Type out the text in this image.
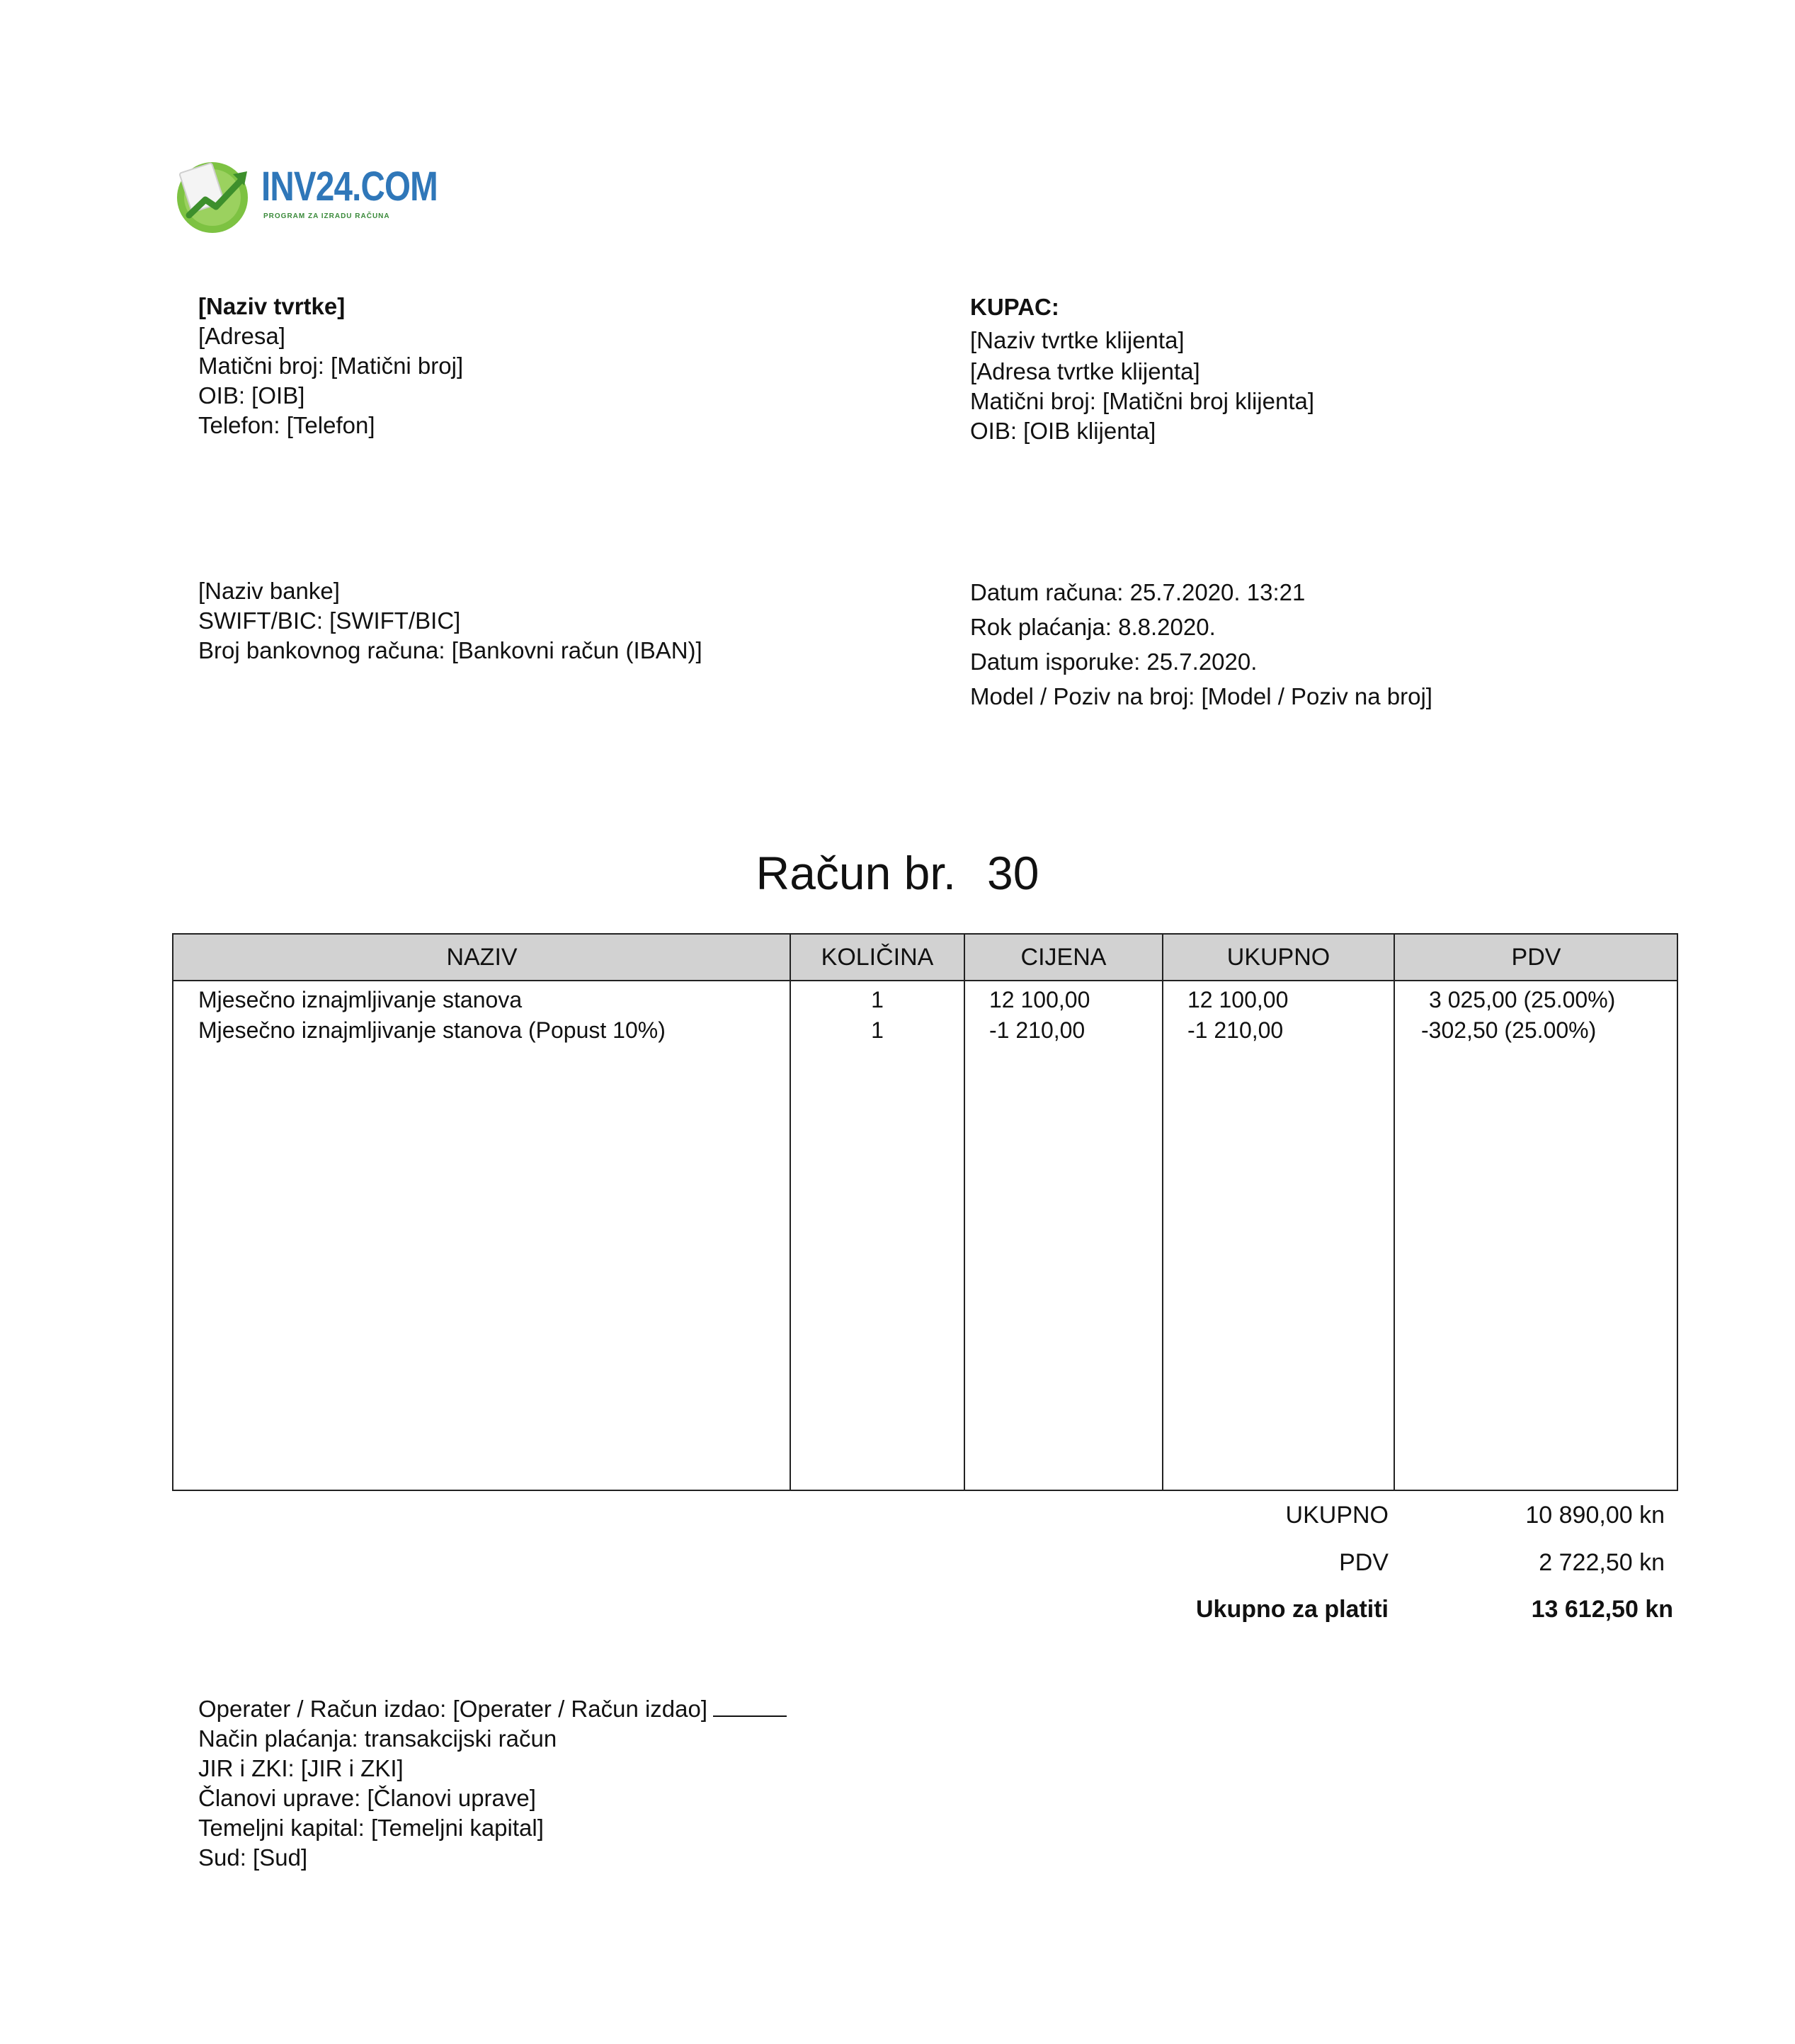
INV24.COM
PROGRAM ZA IZRADU RAČUNA
[Naziv tvrtke]
[Adresa]
Matični broj: [Matični broj]
OIB: [OIB]
Telefon: [Telefon]
KUPAC:
[Naziv tvrtke klijenta]
[Adresa tvrtke klijenta]
Matični broj: [Matični broj klijenta]
OIB: [OIB klijenta]
[Naziv banke]
SWIFT/BIC: [SWIFT/BIC]
Broj bankovnog računa: [Bankovni račun (IBAN)]
Datum računa: 25.7.2020. 13:21
Rok plaćanja: 8.8.2020.
Datum isporuke: 25.7.2020.
Model / Poziv na broj: [Model / Poziv na broj]
Račun br. 30
NAZIV	KOLIČINA	CIJENA	UKUPNO	PDV
Mjesečno iznajmljivanje stanova	1	12 100,00	12 100,00	3 025,00 (25.00%)
Mjesečno iznajmljivanje stanova (Popust 10%)	1	-1 210,00	-1 210,00	-302,50 (25.00%)
UKUPNO	10 890,00 kn
PDV	2 722,50 kn
Ukupno za platiti	13 612,50 kn
Operater / Račun izdao: [Operater / Račun izdao]
Način plaćanja: transakcijski račun
JIR i ZKI: [JIR i ZKI]
Članovi uprave: [Članovi uprave]
Temeljni kapital: [Temeljni kapital]
Sud: [Sud]
